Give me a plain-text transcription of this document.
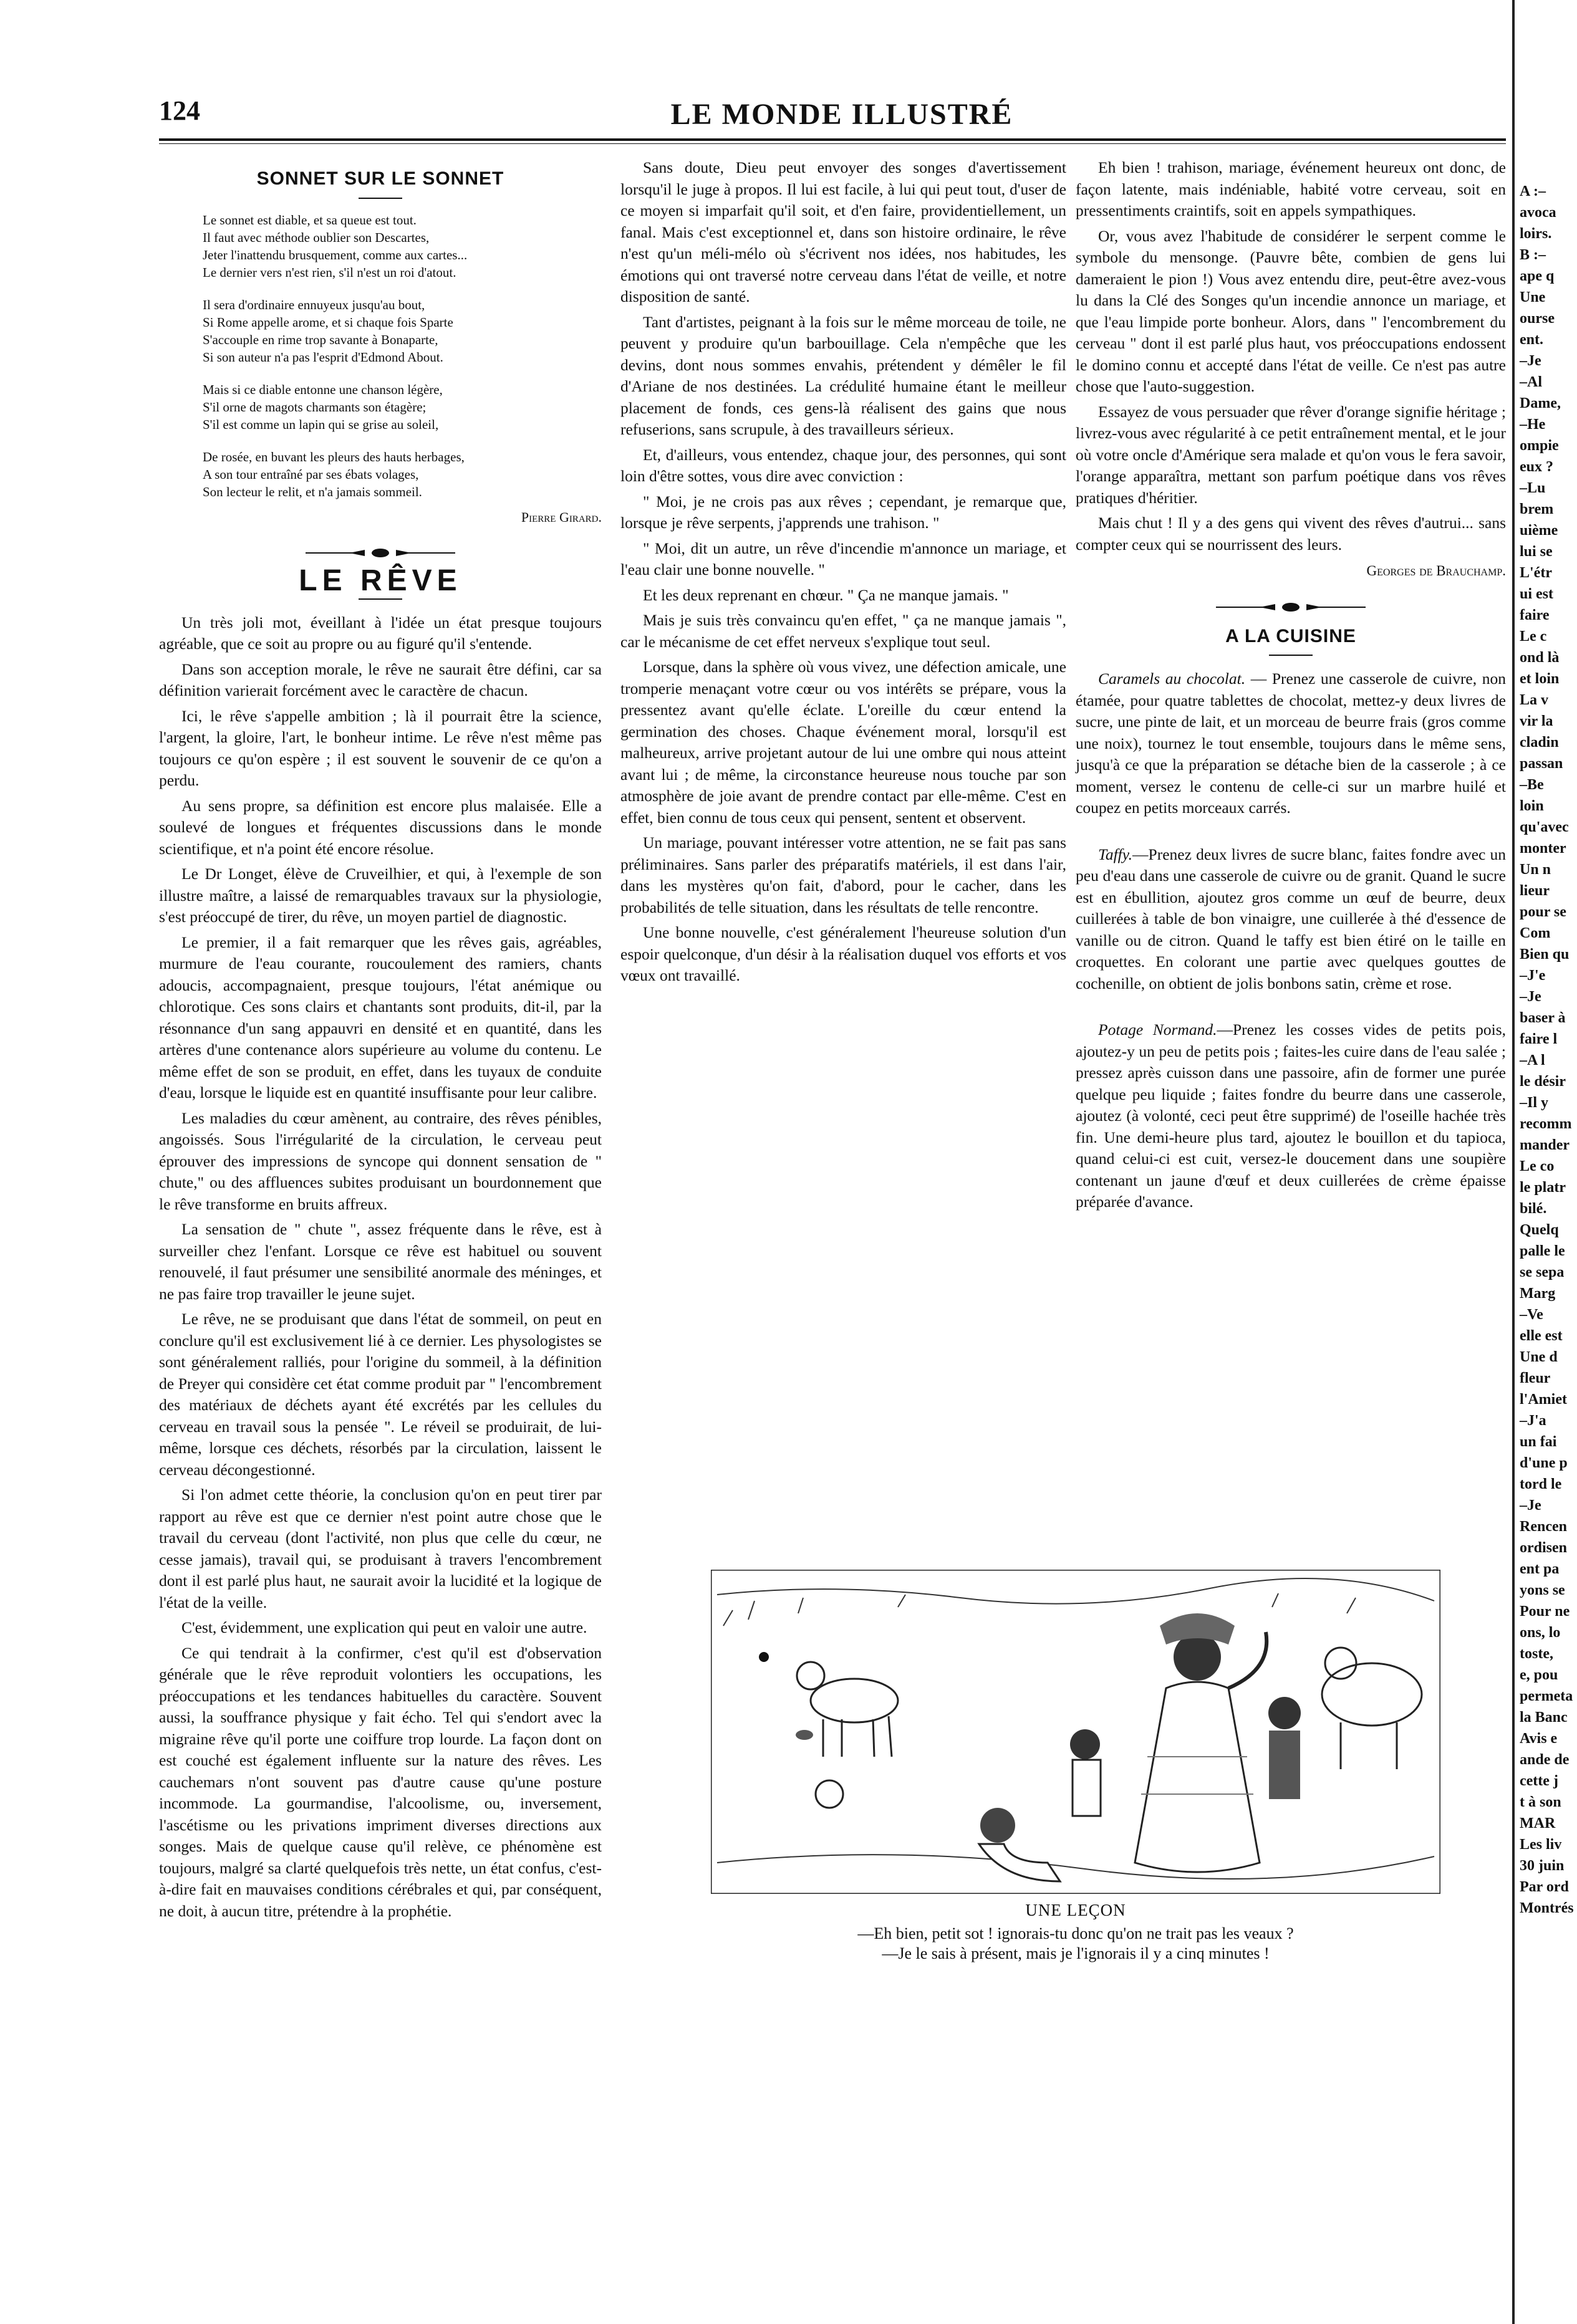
124	LE MONDE ILLUSTRÉ
SONNET SUR LE SONNET
Le sonnet est diable, et sa queue est tout.
Il faut avec méthode oublier son Descartes,
Jeter l'inattendu brusquement, comme aux cartes...
Le dernier vers n'est rien, s'il n'est un roi d'atout.
Il sera d'ordinaire ennuyeux jusqu'au bout,
Si Rome appelle arome, et si chaque fois Sparte
S'accouple en rime trop savante à Bonaparte,
Si son auteur n'a pas l'esprit d'Edmond About.
Mais si ce diable entonne une chanson légère,
S'il orne de magots charmants son étagère;
S'il est comme un lapin qui se grise au soleil,
De rosée, en buvant les pleurs des hauts herbages,
A son tour entraîné par ses ébats volages,
Son lecteur le relit, et n'a jamais sommeil.
Pierre Girard.
LE RÊVE

Un très joli mot, éveillant à l'idée un état presque toujours agréable, que ce soit au propre ou au figuré qu'il s'entende.

Dans son acception morale, le rêve ne saurait être défini, car sa définition varierait forcément avec le caractère de chacun.

Ici, le rêve s'appelle ambition ; là il pourrait être la science, l'argent, la gloire, l'art, le bonheur intime. Le rêve n'est même pas toujours ce qu'on espère ; il est souvent le souvenir de ce qu'on a perdu.

Au sens propre, sa définition est encore plus malaisée. Elle a soulevé de longues et fréquentes discussions dans le monde scientifique, et n'a point été encore résolue.

Le Dr Longet, élève de Cruveilhier, et qui, à l'exemple de son illustre maître, a laissé de remarquables travaux sur la physiologie, s'est préoccupé de tirer, du rêve, un moyen partiel de diagnostic.

Le premier, il a fait remarquer que les rêves gais, agréables, murmure de l'eau courante, roucoulement des ramiers, chants adoucis, accompagnaient, presque toujours, l'état anémique ou chlorotique. Ces sons clairs et chantants sont produits, dit-il, par la résonnance d'un sang appauvri en densité et en quantité, dans les artères d'une contenance alors supérieure au volume du contenu. Le même effet de son se produit, en effet, dans les tuyaux de conduite d'eau, lorsque le liquide est en quantité insuffisante pour leur calibre.

Les maladies du cœur amènent, au contraire, des rêves pénibles, angoissés. Sous l'irrégularité de la circulation, le cerveau peut éprouver des impressions de syncope qui donnent sensation de " chute," ou des affluences subites produisant un bourdonnement que le rêve transforme en bruits affreux.

La sensation de " chute ", assez fréquente dans le rêve, est à surveiller chez l'enfant. Lorsque ce rêve est habituel ou souvent renouvelé, il faut présumer une sensibilité anormale des méninges, et ne pas faire trop travailler le jeune sujet.

Le rêve, ne se produisant que dans l'état de sommeil, on peut en conclure qu'il est exclusivement lié à ce dernier. Les physologistes se sont généralement ralliés, pour l'origine du sommeil, à la définition de Preyer qui considère cet état comme produit par " l'encombrement des matériaux de déchets ayant été excrétés par les cellules du cerveau en travail sous la pensée ". Le réveil se produirait, de lui-même, lorsque ces déchets, résorbés par la circulation, laissent le cerveau décongestionné.

Si l'on admet cette théorie, la conclusion qu'on en peut tirer par rapport au rêve est que ce dernier n'est point autre chose que le travail du cerveau (dont l'activité, non plus que celle du cœur, ne cesse jamais), travail qui, se produisant à travers l'encombrement dont il est parlé plus haut, ne saurait avoir la lucidité et la logique de l'état de la veille.

C'est, évidemment, une explication qui peut en valoir une autre.

Ce qui tendrait à la confirmer, c'est qu'il est d'observation générale que le rêve reproduit volontiers les occupations, les préoccupations et les tendances habituelles du caractère. Souvent aussi, la souffrance physique y fait écho. Tel qui s'endort avec la migraine rêve qu'il porte une coiffure trop lourde. La façon dont on est couché est également influente sur la nature des rêves. Les cauchemars n'ont souvent pas d'autre cause qu'une posture incommode. La gourmandise, l'alcoolisme, ou, inversement, l'ascétisme ou les privations impriment diverses directions aux songes. Mais de quelque cause qu'il relève, ce phénomène est toujours, malgré sa clarté quelquefois très nette, un état confus, c'est-à-dire fait en mauvaises conditions cérébrales et qui, par conséquent, ne doit, à aucun titre, prétendre à la prophétie.

Sans doute, Dieu peut envoyer des songes d'avertissement lorsqu'il le juge à propos. Il lui est facile, à lui qui peut tout, d'user de ce moyen si imparfait qu'il soit, et d'en faire, providentiellement, un fanal. Mais c'est exceptionnel et, dans son histoire ordinaire, le rêve n'est qu'un méli-mélo où s'écrivent nos idées, nos habitudes, les émotions qui ont traversé notre cerveau dans l'état de veille, et notre disposition de santé.

Tant d'artistes, peignant à la fois sur le même morceau de toile, ne peuvent y produire qu'un barbouillage. Cela n'empêche que les devins, dont nous sommes envahis, prétendent y démêler le fil d'Ariane de nos destinées. La crédulité humaine étant le meilleur placement de fonds, ces gens-là réalisent des gains que nous refuserions, sans scrupule, à des travailleurs sérieux.

Et, d'ailleurs, vous entendez, chaque jour, des personnes, qui sont loin d'être sottes, vous dire avec conviction :

" Moi, je ne crois pas aux rêves ; cependant, je remarque que, lorsque je rêve serpents, j'apprends une trahison. "

" Moi, dit un autre, un rêve d'incendie m'annonce un mariage, et l'eau clair une bonne nouvelle. "

Et les deux reprenant en chœur. " Ça ne manque jamais. "

Mais je suis très convaincu qu'en effet, " ça ne manque jamais ", car le mécanisme de cet effet nerveux s'explique tout seul.

Lorsque, dans la sphère où vous vivez, une défection amicale, une tromperie menaçant votre cœur ou vos intérêts se prépare, vous la pressentez avant qu'elle éclate. L'oreille du cœur entend la germination des choses. Chaque événement moral, lorsqu'il est malheureux, arrive projetant autour de lui une ombre qui nous atteint avant lui ; de même, la circonstance heureuse nous touche par son atmosphère de joie avant de prendre contact par elle-même. C'est en effet, bien connu de tous ceux qui pensent, sentent et observent.

Un mariage, pouvant intéresser votre attention, ne se fait pas sans préliminaires. Sans parler des préparatifs matériels, il est dans l'air, dans les mystères qu'on fait, d'abord, pour le cacher, dans les probabilités de telle situation, dans les résultats de telle rencontre.

Une bonne nouvelle, c'est généralement l'heureuse solution d'un espoir quelconque, d'un désir à la réalisation duquel vos efforts et vos vœux ont travaillé.

Eh bien ! trahison, mariage, événement heureux ont donc, de façon latente, mais indéniable, habité votre cerveau, soit en pressentiments craintifs, soit en appels sympathiques.

Or, vous avez l'habitude de considérer le serpent comme le symbole du mensonge. (Pauvre bête, combien de gens lui dameraient le pion !) Vous avez entendu dire, peut-être avez-vous lu dans la Clé des Songes qu'un incendie annonce un mariage, et que l'eau limpide porte bonheur. Alors, dans " l'encombrement du cerveau " dont il est parlé plus haut, vos préoccupations endossent le domino connu et accepté dans l'état de veille. Ce n'est pas autre chose que l'auto-suggestion.

Essayez de vous persuader que rêver d'orange signifie héritage ; livrez-vous avec régularité à ce petit entraînement mental, et le jour où votre oncle d'Amérique sera malade et qu'on vous le fera savoir, l'orange apparaîtra, mettant son parfum poétique dans vos rêves pratiques d'héritier.

Mais chut ! Il y a des gens qui vivent des rêves d'autrui... sans compter ceux qui se nourrissent des leurs.

Georges de Brauchamp.
A LA CUISINE

Caramels au chocolat. — Prenez une casserole de cuivre, non étamée, pour quatre tablettes de chocolat, mettez-y deux livres de sucre, une pinte de lait, et un morceau de beurre frais (gros comme une noix), tournez le tout ensemble, toujours dans le même sens, jusqu'à ce que la préparation se détache bien de la casserole ; à ce moment, versez le contenu de celle-ci sur un marbre huilé et coupez en petits morceaux carrés.

Taffy.—Prenez deux livres de sucre blanc, faites fondre avec un peu d'eau dans une casserole de cuivre ou de granit. Quand le sucre est en ébullition, ajoutez gros comme un œuf de beurre, deux cuillerées à table de bon vinaigre, une cuillerée à thé d'essence de vanille ou de citron. Quand le taffy est bien étiré on le taille en croquettes. En colorant une partie avec quelques gouttes de cochenille, on obtient de jolis bonbons satin, crème et rose.

Potage Normand.—Prenez les cosses vides de petits pois, ajoutez-y un peu de petits pois ; faites-les cuire dans de l'eau salée ; pressez après cuisson dans une passoire, afin de former une purée quelque peu liquide ; faites fondre du beurre dans une casserole, ajoutez (à volonté, ceci peut être supprimé) de l'oseille hachée très fin. Une demi-heure plus tard, ajoutez le bouillon et du tapioca, quand celui-ci est cuit, versez-le doucement dans une soupière contenant un jaune d'œuf et deux cuillerées de crème épaisse préparée d'avance.

UNE LEÇON
—Eh bien, petit sot ! ignorais-tu donc qu'on ne trait pas les veaux ?
—Je le sais à présent, mais je l'ignorais il y a cinq minutes !
A :–
avoca
loirs.
B :–
ape q
Une
ourse
ent.
–Je
–Al
Dame,
–He
ompie
eux ?
–Lu
brem
uième
lui se
L'étr
ui est
faire
Le c
ond là
et loin
La v
vir la
cladin
passan
–Be
loin
qu'avec
monter
Un n
lieur
pour se
Com
Bien qu
–J'e
–Je
baser à
faire l
–A l
le désir
–Il y
recomm
mander
Le co
le platr
bilé.
Quelq
palle le
se sepa
Marg
–Ve
elle est
Une d
fleur
l'Amiet
–J'a
un fai
d'une p
tord le
–Je
Rencen
ordisen
ent pa
yons se
Pour ne
ons, lo
toste,
e, pou
permeta
la Banc
Avis e
ande de
cette j
t à son
MAR
Les liv
30 juin
Par ord
Montrés
